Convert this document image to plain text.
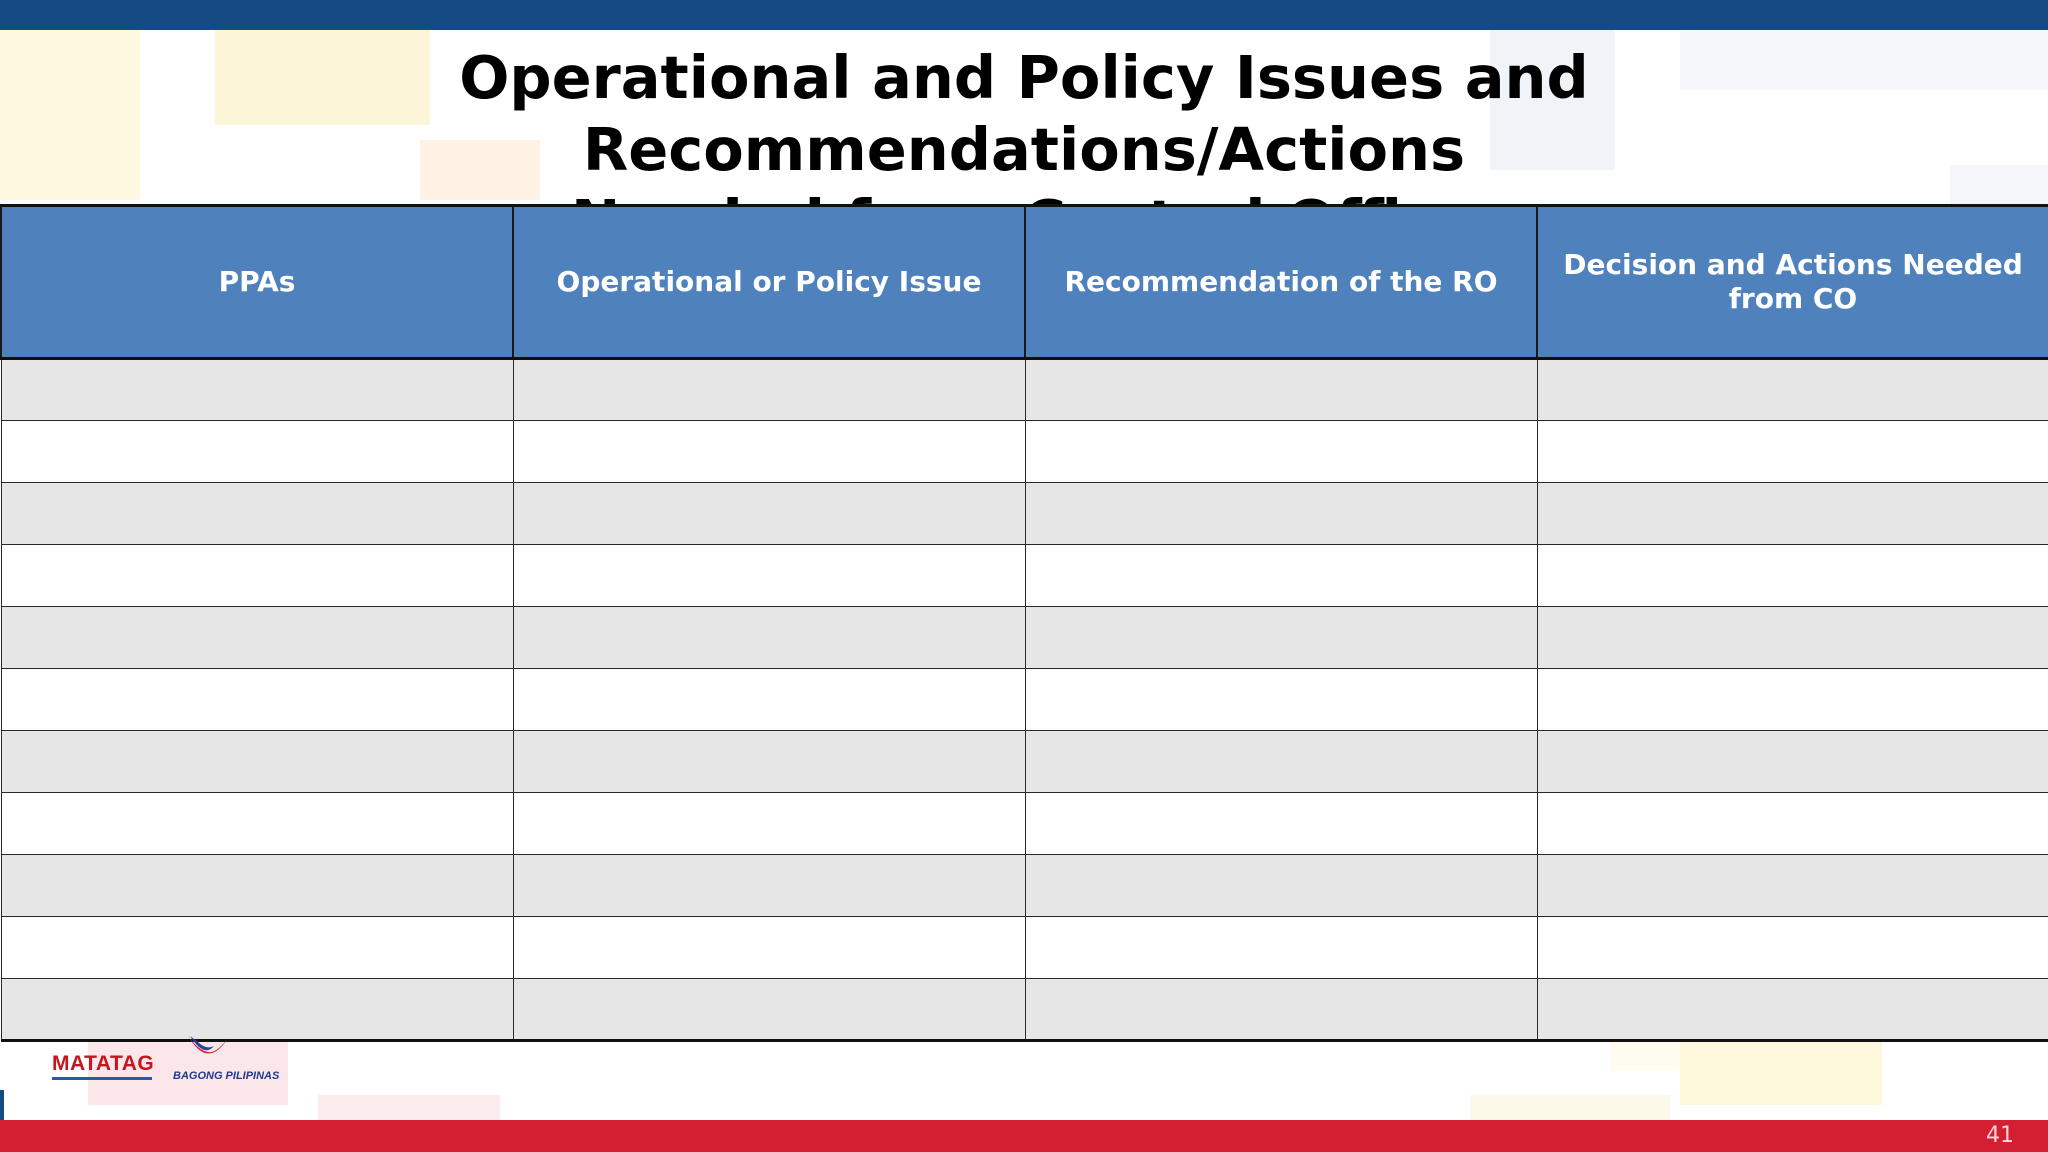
Operational and Policy Issues and Recommendations/Actions
PPAs	Operational or Policy Issue	Recommendation of the RO	Decision and Actions Needed from CO

MATATAG
BAGONG PILIPINAS
41
